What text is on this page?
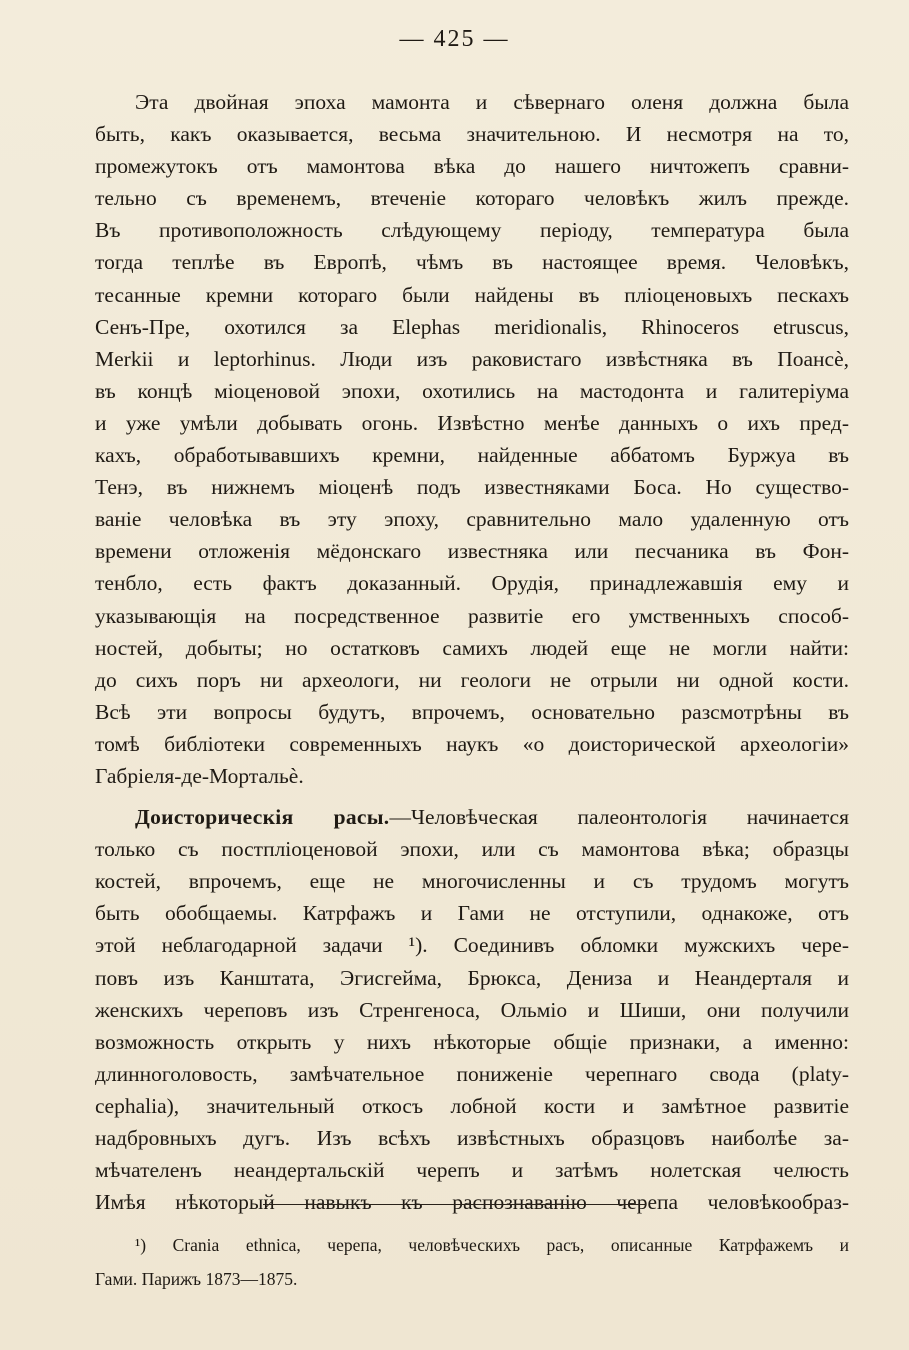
— 425 —
Эта двойная эпоха мамонта и сѣвернаго оленя должна была
быть, какъ оказывается, весьма значительною. И несмотря на то,
промежутокъ отъ мамонтова вѣка до нашего ничтожепъ сравни-
тельно съ временемъ, втеченіе котораго человѣкъ жилъ прежде.
Въ противоположность слѣдующему періоду, температура была
тогда теплѣе въ Европѣ, чѣмъ въ настоящее время. Человѣкъ,
тесанные кремни котораго были найдены въ пліоценовыхъ пескахъ
Сенъ-Пре, охотился за Elephas meridionalis, Rhinoceros etruscus,
Merkii и leptorhinus. Люди изъ раковистаго извѣстняка въ Поансѐ,
въ концѣ міоценовой эпохи, охотились на мастодонта и галитеріума
и уже умѣли добывать огонь. Извѣстно менѣе данныхъ о ихъ пред-
кахъ, обработывавшихъ кремни, найденные аббатомъ Буржуа въ
Тенэ, въ нижнемъ міоценѣ подъ известняками Боса. Но существо-
ваніе человѣка въ эту эпоху, сравнительно мало удаленную отъ
времени отложенія мёдонскаго известняка или песчаника въ Фон-
тенбло, есть фактъ доказанный. Орудія, принадлежавшія ему и
указывающія на посредственное развитіе его умственныхъ способ-
ностей, добыты; но остатковъ самихъ людей еще не могли найти:
до сихъ поръ ни археологи, ни геологи не отрыли ни одной кости.
Всѣ эти вопросы будутъ, впрочемъ, основательно разсмотрѣны въ
томѣ библіотеки современныхъ наукъ «о доисторической археологіи»
Габріеля-де-Мортальѐ.
Доисторическія расы.—Человѣческая палеонтологія начинается
только съ постпліоценовой эпохи, или съ мамонтова вѣка; образцы
костей, впрочемъ, еще не многочисленны и съ трудомъ могутъ
быть обобщаемы. Катрфажъ и Гами не отступили, однакоже, отъ
этой неблагодарной задачи ¹). Соединивъ обломки мужскихъ чере-
повъ изъ Канштата, Эгисгейма, Брюкса, Дениза и Неандерталя и
женскихъ череповъ изъ Стренгеноса, Ольміо и Шиши, они получили
возможность открыть у нихъ нѣкоторые общіе признаки, а именно:
длинноголовость, замѣчательное пониженіе черепнаго свода (platy-
cephalia), значительный откосъ лобной кости и замѣтное развитіе
надбровныхъ дугъ. Изъ всѣхъ извѣстныхъ образцовъ наиболѣе за-
мѣчателенъ неандертальскій черепъ и затѣмъ нолетская челюсть
Имѣя нѣкоторый навыкъ къ распознаванію черепа человѣкообраз-
¹) Crania ethnica, черепа, человѣческихъ расъ, описанные Катрфажемъ и
Гами. Парижъ 1873—1875.
